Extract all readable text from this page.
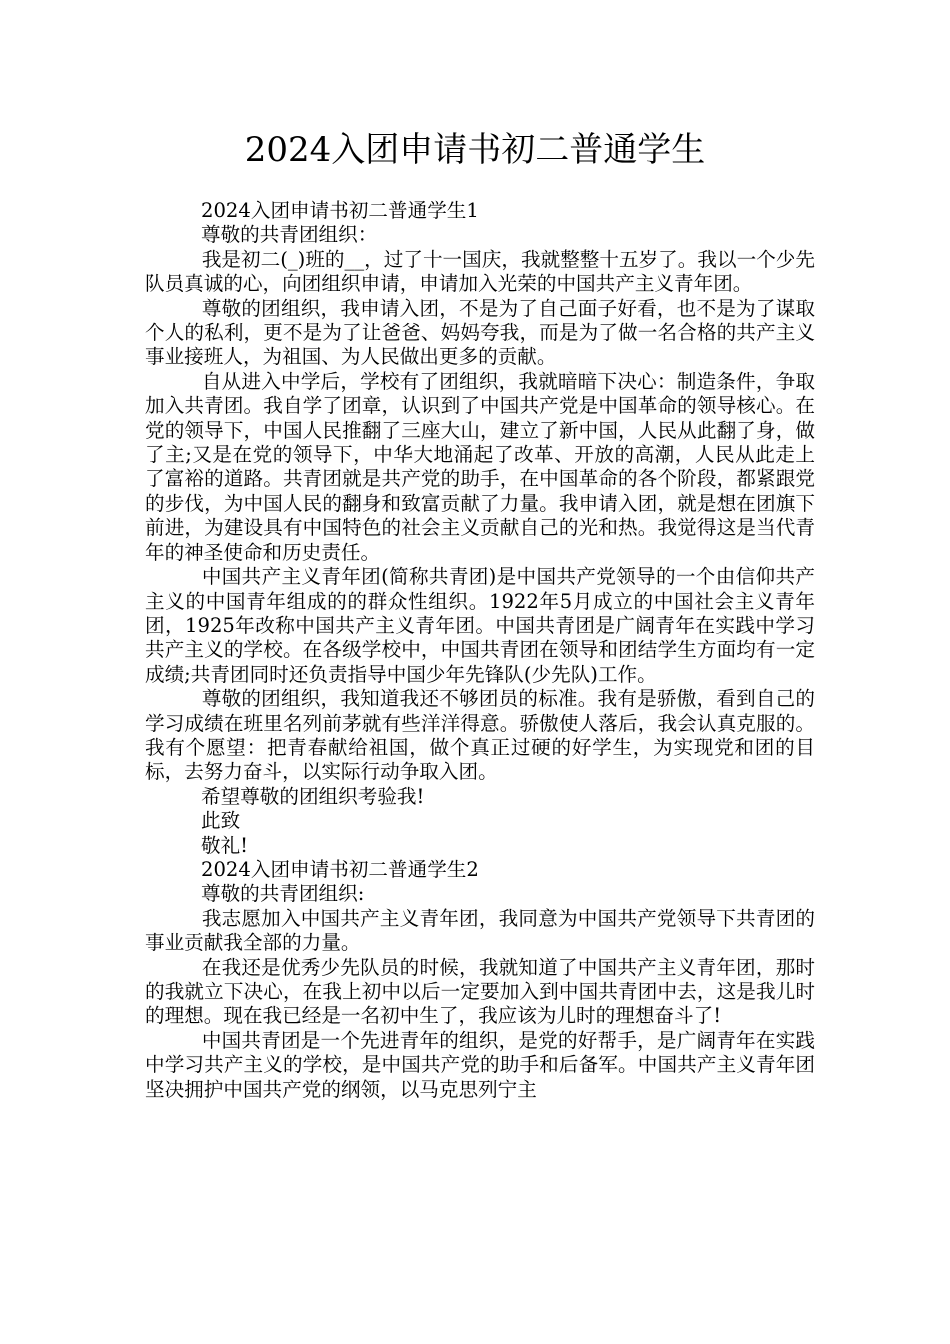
2024入团申请书初二普通学生

2024入团申请书初二普通学生1

尊敬的共青团组织：

我是初二(_)班的__，过了十一国庆，我就整整十五岁了。我以一个少先队员真诚的心，向团组织申请，申请加入光荣的中国共产主义青年团。

尊敬的团组织，我申请入团，不是为了自己面子好看，也不是为了谋取个人的私利，更不是为了让爸爸、妈妈夸我，而是为了做一名合格的共产主义事业接班人，为祖国、为人民做出更多的贡献。

自从进入中学后，学校有了团组织，我就暗暗下决心：制造条件，争取加入共青团。我自学了团章，认识到了中国共产党是中国革命的领导核心。在党的领导下，中国人民推翻了三座大山，建立了新中国，人民从此翻了身，做了主;又是在党的领导下，中华大地涌起了改革、开放的高潮，人民从此走上了富裕的道路。共青团就是共产党的助手，在中国革命的各个阶段，都紧跟党的步伐，为中国人民的翻身和致富贡献了力量。我申请入团，就是想在团旗下前进，为建设具有中国特色的社会主义贡献自己的光和热。我觉得这是当代青年的神圣使命和历史责任。

中国共产主义青年团(简称共青团)是中国共产党领导的一个由信仰共产主义的中国青年组成的的群众性组织。1922年5月成立的中国社会主义青年团，1925年改称中国共产主义青年团。中国共青团是广阔青年在实践中学习共产主义的学校。在各级学校中，中国共青团在领导和团结学生方面均有一定成绩;共青团同时还负责指导中国少年先锋队(少先队)工作。

尊敬的团组织，我知道我还不够团员的标准。我有是骄傲，看到自己的学习成绩在班里名列前茅就有些洋洋得意。骄傲使人落后，我会认真克服的。我有个愿望：把青春献给祖国，做个真正过硬的好学生，为实现党和团的目标，去努力奋斗，以实际行动争取入团。

希望尊敬的团组织考验我!

此致

敬礼!

2024入团申请书初二普通学生2

尊敬的共青团组织:

我志愿加入中国共产主义青年团，我同意为中国共产党领导下共青团的事业贡献我全部的力量。

在我还是优秀少先队员的时候，我就知道了中国共产主义青年团，那时的我就立下决心，在我上初中以后一定要加入到中国共青团中去，这是我儿时的理想。现在我已经是一名初中生了，我应该为儿时的理想奋斗了!

中国共青团是一个先进青年的组织，是党的好帮手，是广阔青年在实践中学习共产主义的学校，是中国共产党的助手和后备军。中国共产主义青年团坚决拥护中国共产党的纲领，以马克思列宁主
